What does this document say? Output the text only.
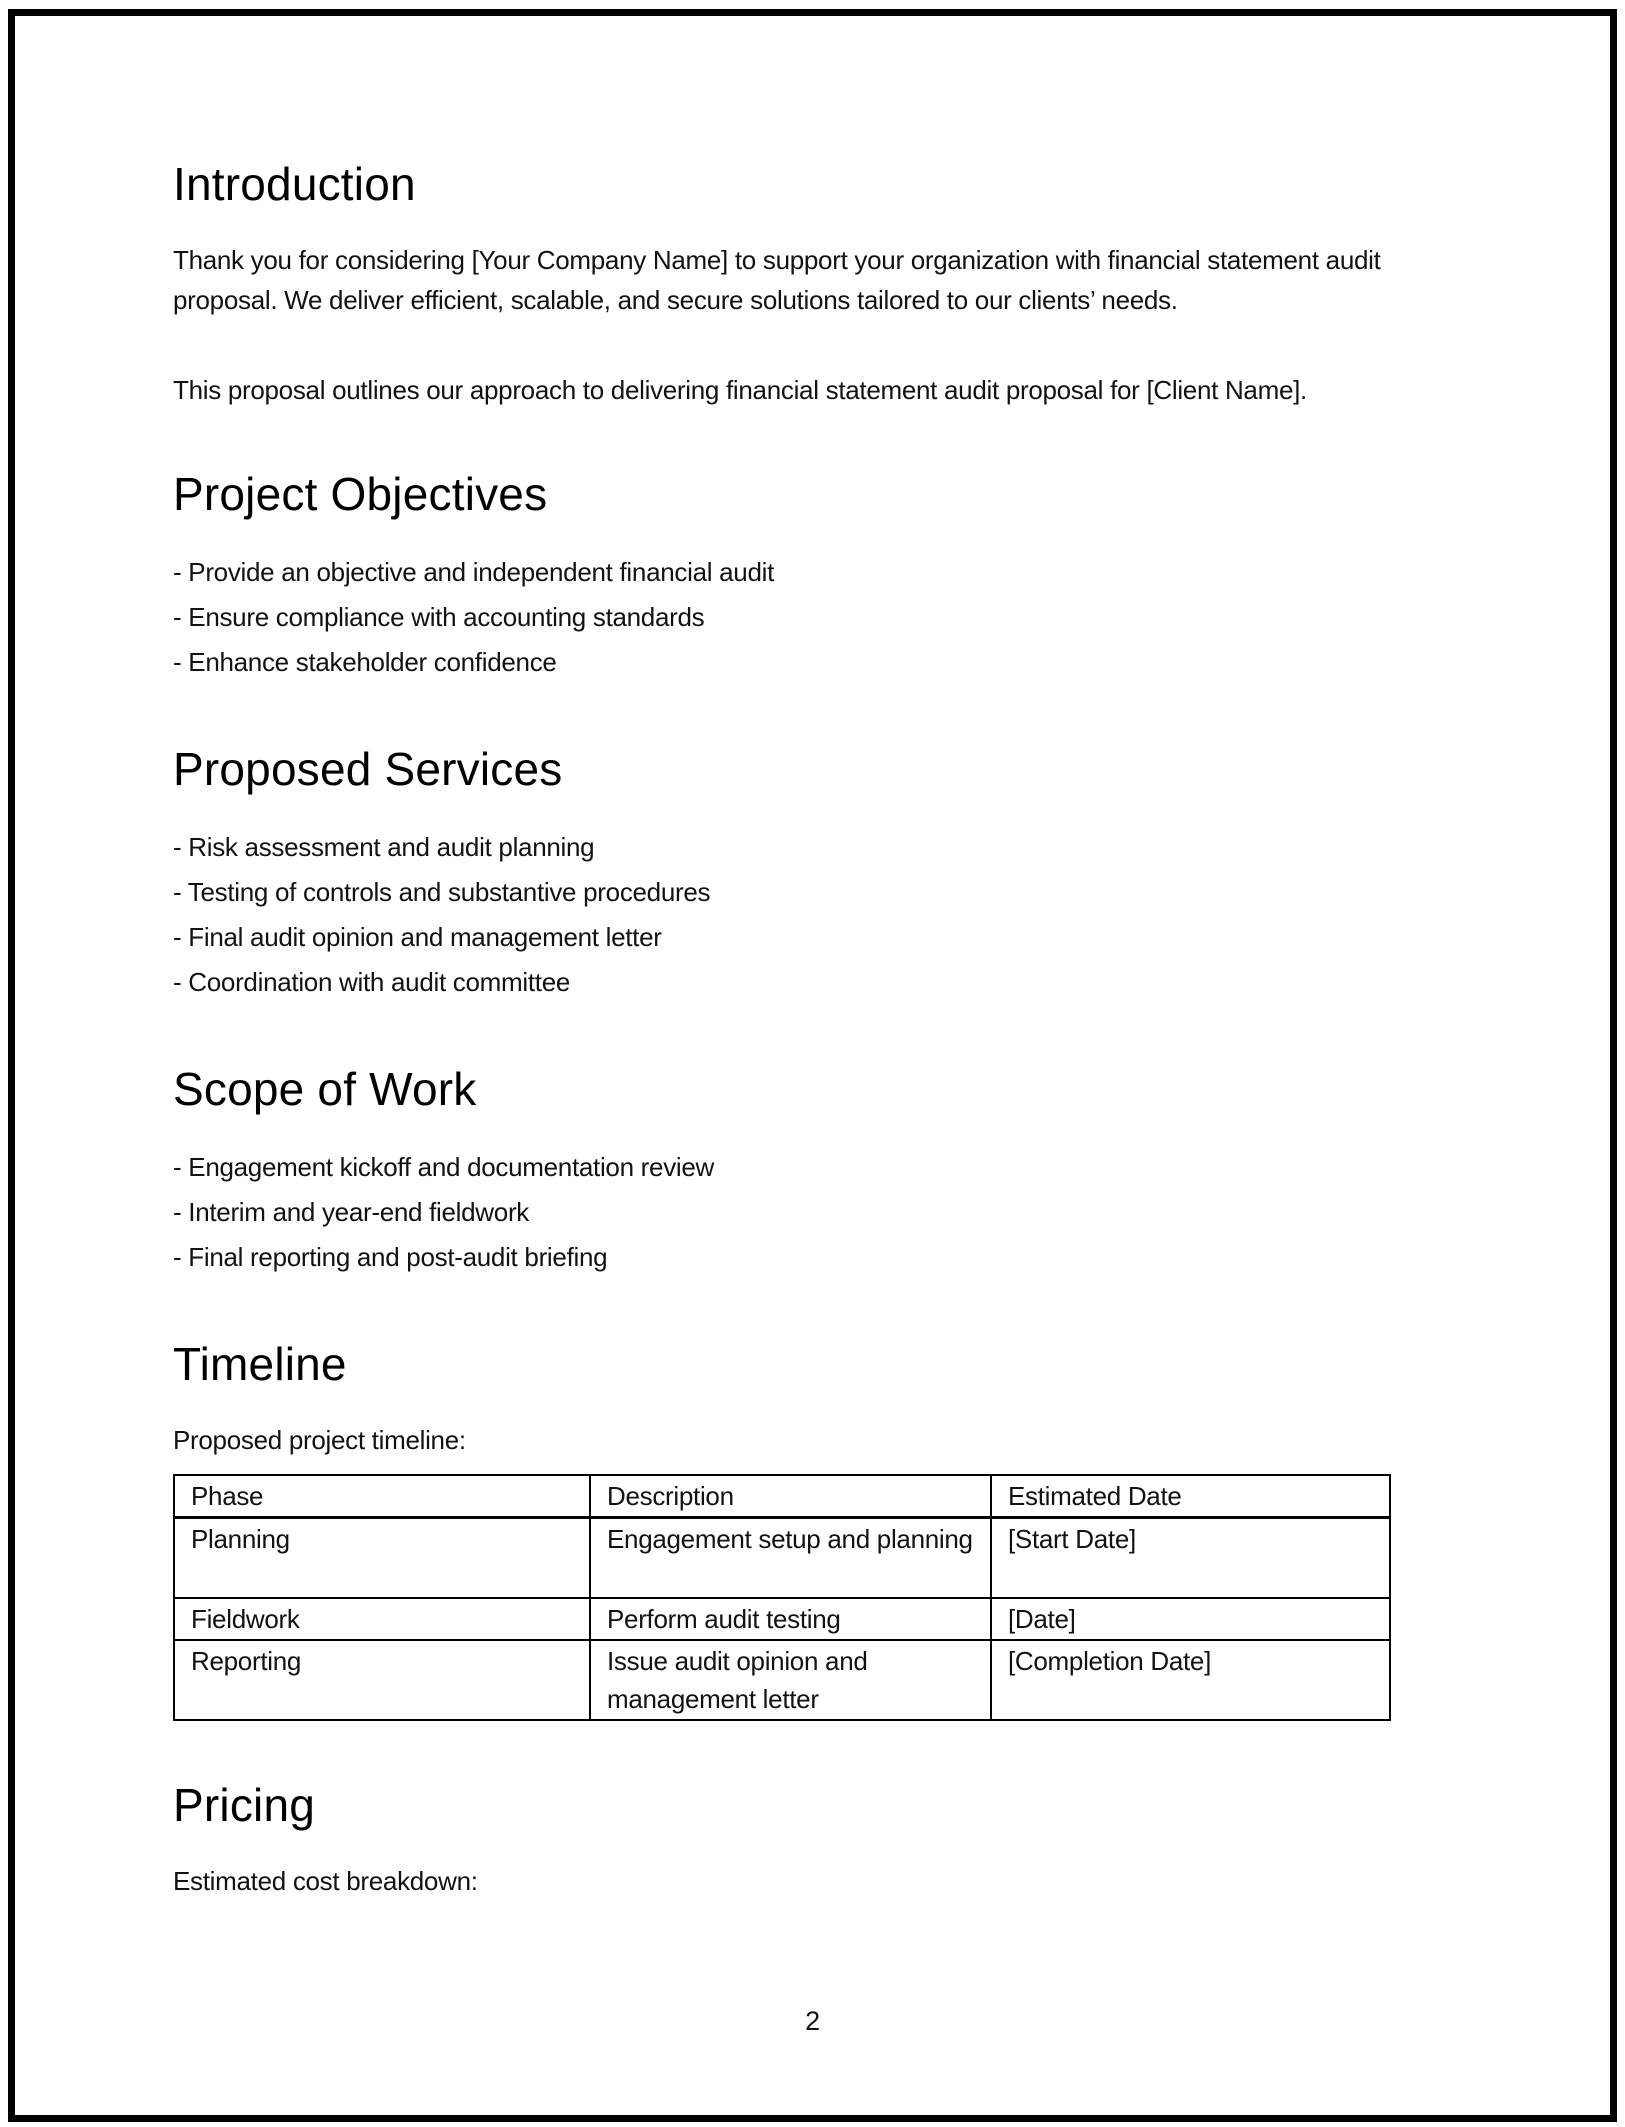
Introduction

Thank you for considering [Your Company Name] to support your organization with financial statement audit proposal. We deliver efficient, scalable, and secure solutions tailored to our clients’ needs.

This proposal outlines our approach to delivering financial statement audit proposal for [Client Name].

Project Objectives
- Provide an objective and independent financial audit
- Ensure compliance with accounting standards
- Enhance stakeholder confidence
Proposed Services
- Risk assessment and audit planning
- Testing of controls and substantive procedures
- Final audit opinion and management letter
- Coordination with audit committee
Scope of Work
- Engagement kickoff and documentation review
- Interim and year-end fieldwork
- Final reporting and post-audit briefing
Timeline

Proposed project timeline:

Phase	Description	Estimated Date
Planning	Engagement setup and planning	[Start Date]
Fieldwork	Perform audit testing	[Date]
Reporting	Issue audit opinion and management letter	[Completion Date]
Pricing

Estimated cost breakdown:

2
